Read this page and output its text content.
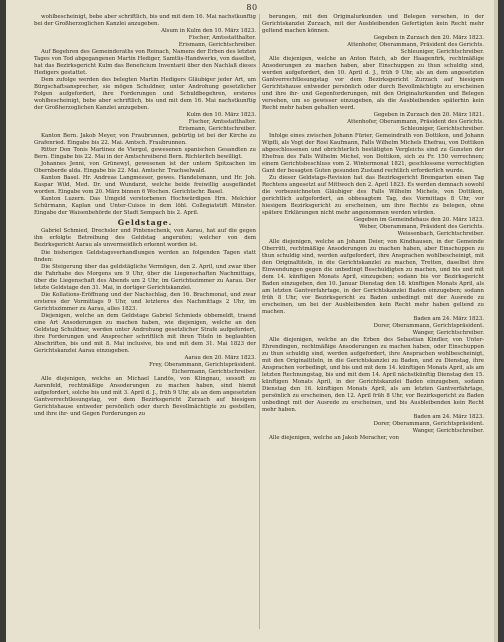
80

wohlbescheinigt, bebe aber schriftlich, bis und mit dem 16. Mai nachstkunftig bei der Großherzoglichen Kanzlei anzugeben.

Alsum in Kulm den 10. März 1823.

Fischer, Amtsstatthalter.

Erismann, Gerichtschreiber.

Auf Begehren des Gemeinderaths von Reinach, Namens der Erben des letzten Tages von Tod abgegangenen Martin Hediger, Samtlis-Handwerks, von daselbst, hat das Bezirksgericht Kulm das Beneficium Inventarii über den Nachlaß dieses Hedigers gestattet.

Dem zufolge werden des belegten Martin Hedigers Gläubiger jeder Art, um Bürgschaftsansprecher, sie mögen Schuldner, unter Androhung gesetzlicher Folgen aufgefordert, ihre Forderungen und Schuldbegehren, ersteres wohlbescheinigt, bebe aber schriftlich, bis und mit dem 16. Mai nachstkunftig der Großherzoglichen Kanzlei anzugeben.

Kulm den 10. März 1823.

Fischer, Amtsstatthalter.

Erismann, Gerichtschreiber.

Kanton Bern. Jakob Meyer, von Fraubrunnen, gebürtig ist bei der Kirche zu Grafenried. Eingabe bis 22. Mai. Amtsch. Fraubrunnen.

Ritter Don Tonis Martinez de Viergol, gewesenen spanischen Gesandten zu Bern. Eingabe bis 22. Mai in der Amtschreiberei Bern. Richterlich bewilligt.

Johannes Jenni, von Grünewyl, gewesenen ist der untern Spitzachen im Obernberde alda. Eingabe bis 22. Mai. Amtschr. Trachselwald.

Kanton Basel. Hr. Andreas Langmesser, gewes. Handelsmann, und Hr. Joh. Kaspar Wild, Med. Dr. und Wundarzt, welche beide freiwillig ausgefändet worden. Eingabe vom 20. März binnen 6 Wochen. Gerichtschr. Basel.

Kanton Luzern. Das Umgeld verstorbenen Hochwürdigen Hrn. Melchior Schürmann, Kaplan und Unter-Cuisos in dem löbl. Collegiatstift Münster. Eingabe der Waisenbehörde der Stadt Sempach bis 2. April.

Geldstage.

Gabriel Schmied, Drechsler und Pintenschenk, von Aarau, hat auf die gegen ihn erfolgte Betreibung des Geldstag angerufen; welcher von dem Bezirksgericht Aarau als unvermeidlich erkennt worden ist.

Die bisherigen Geldstagsverhandlungen werden an folgenden Tagen statt finden:

Die Steigerung über das geldstägliche Vermögen, den 2. April, und zwar über die Fahrhabe des Morgens um 9 Uhr, über die Liegenschaften Nachmittags, über die Liegenschaft des Abends um 2 Uhr, im Gerichtszimmer zu Aarau. Der letzte Geldstage den 31. Mai, in dortiger Gerichtskanzlei.

Die Kollations-Eröffnung und der Nachschlag, den 16. Brachmonat, und zwar ersteres der Vormittags 9 Uhr, und letzteres des Nachmittags 2 Uhr, im Gerichtszimmer zu Aarau, alles 1823.

Diejenigen, welche an dem Geldstage Gabriel Schmieds obbemeldt, traend eine Art Ansoderungen zu machen haben, wie diejenigen, welche an den Geldstag Schuldner, werden unter Androhung gesetzlicher Strafe aufgefordert, ihre Forderungen und Ansprecher schriftlich mit ihren Titeln in beglaubten Abschriften, bis und mit 8. Mai inclusive, bis und mit dem 31. Mai 1823 der Gerichtskanzlei Aarau einzugeben.

Aarau den 20. März 1823.

Frey, Oberammann, Gerichtspräsident.

Eichermann, Gerichtschreiber.

Alle diejenigen, welche an Michael Landös, von Klingnau, sessoft zu Aarenfeld, rechtmäßige Ansoderungen zu machen haben, sind hiemit aufgefordert, solche bis und mit 3. April d. J., früh 9 Uhr, als an dem angesetzten Gantverrechtlesungstag, vor dem Bezirksgericht Zurzach auf hiesigem Gerichtshause entweder persönlich oder durch Bevollmächtigte zu gestellen, und ihre ihr- und Gegen Forderungen zu

berungen, mit den Originalurkunden und Belegen versehen, in der Gerichtskanzlei Zurzach, mit der Ausbleibenden Gefertigten kein Recht mehr geltend machen können.

Gegeben in Zurzach den 20. März 1823.

Attenhofer, Oberammann, Präsident des Gerichts.

Schleuniger, Gerichtschreiber.

Alle diejenigen, welche an Anton Reich, ab der Haagenfirk, rechtmäßige Ansoderungen zu machen haben, aber Einschuppen zu thun schuldig sind, werden aufgefordert, den 10. April d. J., früh 9 Uhr, als an dem angesetzten Gantverrechtlesungstag vor dem Bezirksgericht Zurzach auf hiesigem Gerichtshause entweder persönlich oder durch Bevollmächtigte zu erscheinen und ihre ihr- und Gegenforderungen, mit den Originalurkunden und Belegen versehen, um so gewisser einzugeben, als die Ausbleibenden späterhin kein Recht mehr haben gehalten werd.

Gegeben in Zurzach den 20. März 1821.

Attenhofer, Oberammann, Präsident des Gerichts.

Schleuniger, Gerichtschreiber.

Infolge eines zwischen Johann Fürier, Gemeindrath von Dottikon, und Johann Wipfli, als Vogt der Rosi Kaufmann, Falls Wilhelm Michels Ehefrau, von Dottikon abgeschlossenen und obrichterlich bestätigten Vergleichs sind zu Gunsten der Ehefrau des Falls Wilhelm Michel, von Dottikon, sich zu Fr. 150 verrechnen; einem Gerichtsbeschluss vom 2. Wintermonat 1821, geschlossene verrechtigten Gant der besagten Guten gesunden Zustand rechtlich erforderlich wurde.

Zu dieser Geldstags-Revision hat das Bezirksgericht Bremgarten einen Tag Rechtens angesetzt auf Mittwoch den 2. April 1823. Es werden demnach sowohl die vorbezeichneten Gläubiger des Falls Wilhelm Michels, von Dottikon, gerichtlich aufgefordert, an obbesagtem Tag, des Vormittags 8 Uhr, vor hiesigem Bezirksgericht zu erscheinen, um ihre Rechte zu belegen, ohne spätere Erklärungen nicht mehr angenommen werden würden.

Gegeben im Gemeindehaus den 20. März 1823.

Weber, Oberammann, Präsident des Gerichts.

Weissenbach, Gerichtschreiber.

Alle diejenigen, welche an Johann Deier, von Kindhausen, in der Gemeinde Oberrüti, rechtmäßige Ansoderungen zu machen haben, aber Einschuppen zu thun schuldig sind, werden aufgefordert, ihre Ansprachen wohlbescheinigt, mit den Originaltiteln, in die Gerichtskanzlei zu machen, Tretten, daselbst ihre Einwendungen gegen die unbedingt Beschuldigten zu machen, und bis und mit dem 14. künftigen Monats April, einzugeben; sodann bis vor Bezirksgericht Baden einzugeben, den 10. Januar Dienstag den 18. künftigen Monats April, als am letzten Gantverfahrtage, in der Gerichtskanzlei Baden einzugeben; sodann früh 8 Uhr, vor Bezirksgericht zu Baden unbedingt mit der Ausrede zu erscheinen, um bei der Ausbleibenden kein Recht mehr haben geltend zu machen.

Baden am 24. März 1823.

Dorer, Oberammann, Gerichtspräsident.

Wanger, Gerichtschreiber.

Alle diejenigen, welche an die Erben des Sebastian Kindler, von Unter-Ehrendingen, rechtmäßige Ansoderungen zu machen haben, oder Einschuppen zu thun schuldig sind, werden aufgefordert, ihre Ansprachen wohlbescheinigt, mit den Originaltiteln, in die Gerichtskanzlei zu Baden, und zu Dienstag, ihre Ansprachen vorbedingt, und bis und mit dem 14. künftigen Monats April, als am letzten Rechnungstag, bis und mit dem 14. April nächstkünftig Dienstag den 15. künftigen Monats April, in der Gerichtskanzlei Baden einzugeben, sodann Dienstag den 16. künftigen Monats April, als am letzten Gantverfahrtage, persönlich zu erscheinen, den 12. April früh 8 Uhr, vor Bezirksgericht zu Baden unbedingt mit der Ausrede zu erscheinen, und bis Ausbleibenden kein Recht mehr haben.

Baden am 24. März 1823.

Dorer, Oberammann, Gerichtspräsident.

Wanger, Gerichtschreiber.

Alle diejenigen, welche an Jakob Meracher, von
